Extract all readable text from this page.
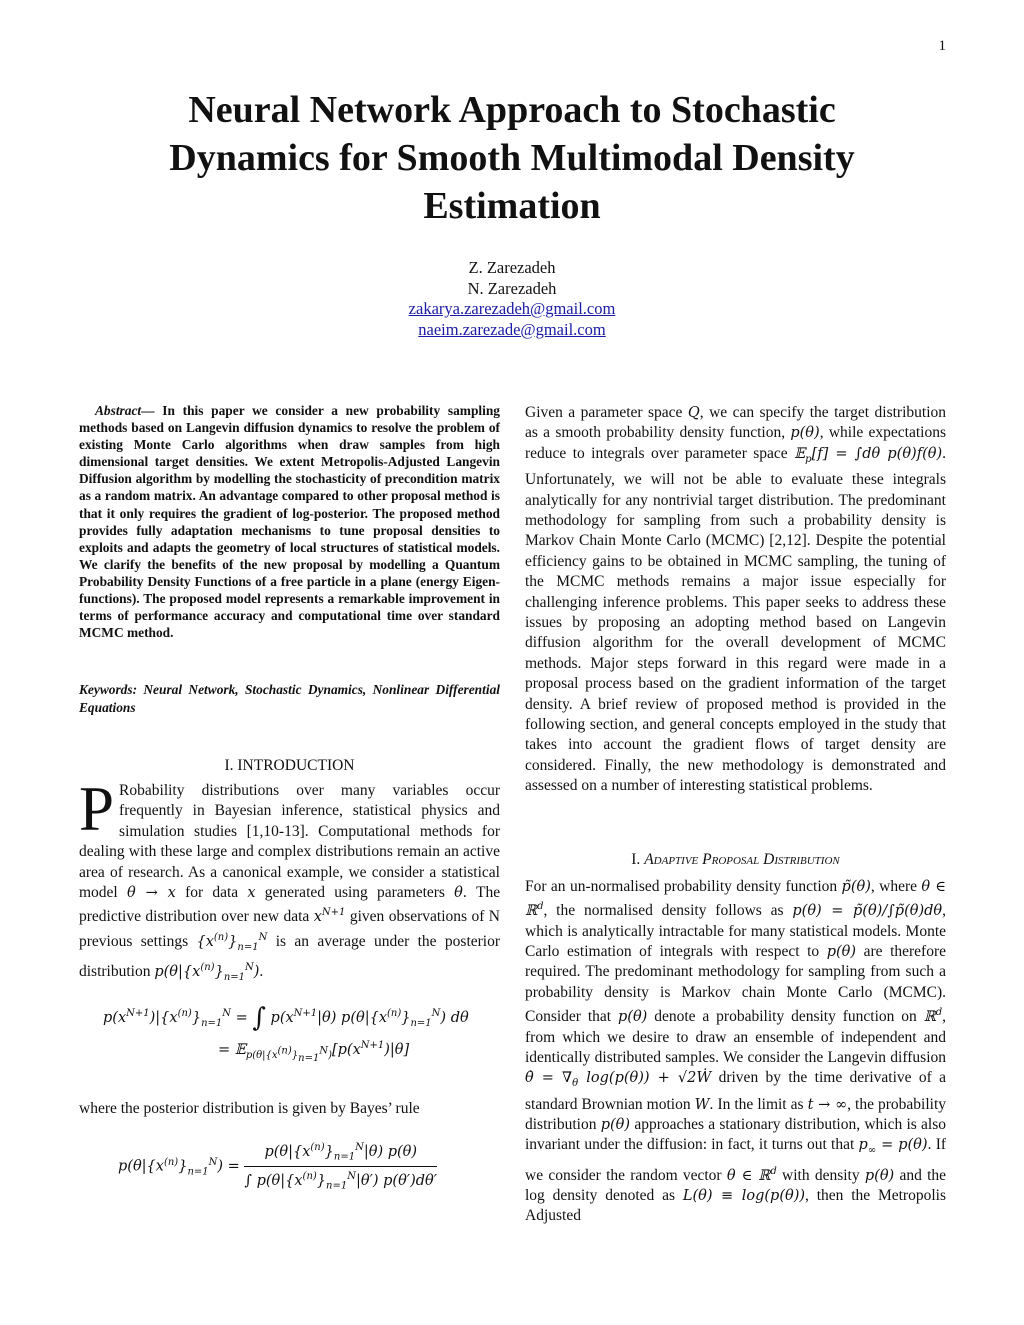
1
Neural Network Approach to Stochastic
Dynamics for Smooth Multimodal Density
Estimation
Z. Zarezadeh
N. Zarezadeh
zakarya.zarezadeh@gmail.com
naeim.zarezade@gmail.com
Abstract— In this paper we consider a new probability sampling methods based on Langevin diffusion dynamics to resolve the problem of existing Monte Carlo algorithms when draw samples from high dimensional target densities. We extent Metropolis-Adjusted Langevin Diffusion algorithm by modelling the stochasticity of precondition matrix as a random matrix. An advantage compared to other proposal method is that it only requires the gradient of log-posterior. The proposed method provides fully adaptation mechanisms to tune proposal densities to exploits and adapts the geometry of local structures of statistical models. We clarify the benefits of the new proposal by modelling a Quantum Probability Density Functions of a free particle in a plane (energy Eigen-functions). The proposed model represents a remarkable improvement in terms of performance accuracy and computational time over standard MCMC method.
Keywords: Neural Network, Stochastic Dynamics, Nonlinear Differential Equations
I. INTRODUCTION
P Robability distributions over many variables occur frequently in Bayesian inference, statistical physics and simulation studies [1,10-13]. Computational methods for dealing with these large and complex distributions remain an active area of research. As a canonical example, we consider a statistical model θ → x for data x generated using parameters θ. The predictive distribution over new data $x^{N+1}$ given observations of N previous settings $\{x^{(n)}\}_{n=1}^N$ is an average under the posterior distribution $p(\theta|\{x^{(n)}\}_{n=1}^N)$.
$p(x^{N+1})|\{x^{(n)}\}_{n=1}^N$ = ∫ $p(x^{N+1}|\theta)$ $p(\theta|\{x^{(n)}\}_{n=1}^N)$ dθ
= $𝔼_{p(\theta|\{x^{(n)}\}_{n=1}^N)}[p(x^{N+1})|\theta]$
where the posterior distribution is given by Bayes’ rule
$p(\theta|\{x^{(n)}\}_{n=1}^N) = \frac{p(\theta|\{x^{(n)}\}_{n=1}^N|\theta) p(\theta)}{\int p(\theta|\{x^{(n)}\}_{n=1}^N|\theta') p(\theta')d\theta'}$
Given a parameter space Q, we can specify the target distribution as a smooth probability density function, p(θ), while expectations reduce to integrals over parameter space 𝔼$_p$[f] = ∫dθ p(θ)f(θ). Unfortunately, we will not be able to evaluate these integrals analytically for any nontrivial target distribution. The predominant methodology for sampling from such a probability density is Markov Chain Monte Carlo (MCMC) [2,12]. Despite the potential efficiency gains to be obtained in MCMC sampling, the tuning of the MCMC methods remains a major issue especially for challenging inference problems. This paper seeks to address these issues by proposing an adopting method based on Langevin diffusion algorithm for the overall development of MCMC methods. Major steps forward in this regard were made in a proposal process based on the gradient information of the target density. A brief review of proposed method is provided in the following section, and general concepts employed in the study that takes into account the gradient flows of target density are considered. Finally, the new methodology is demonstrated and assessed on a number of interesting statistical problems.
I. Adaptive Proposal Distribution
For an un-normalised probability density function p̃(θ), where θ ∈ ℝ$^d$, the normalised density follows as p(θ) = p̃(θ)/∫p̃(θ)dθ, which is analytically intractable for many statistical models. Monte Carlo estimation of integrals with respect to p(θ) are therefore required. The predominant methodology for sampling from such a probability density is Markov chain Monte Carlo (MCMC). Consider that p(θ) denote a probability density function on ℝ$^d$, from which we desire to draw an ensemble of independent and identically distributed samples. We consider the Langevin diffusion θ̇ = $\nabla_\theta$ log(p(θ)) + √2Ẇ driven by the time derivative of a standard Brownian motion W. In the limit as t → ∞, the probability distribution p(θ) approaches a stationary distribution, which is also invariant under the diffusion: in fact, it turns out that $p_\infty = p(\theta)$. If we consider the random vector θ ∈ ℝ$^d$ with density p(θ) and the log density denoted as L(θ) ≡ log(p(θ)), then the Metropolis Adjusted
